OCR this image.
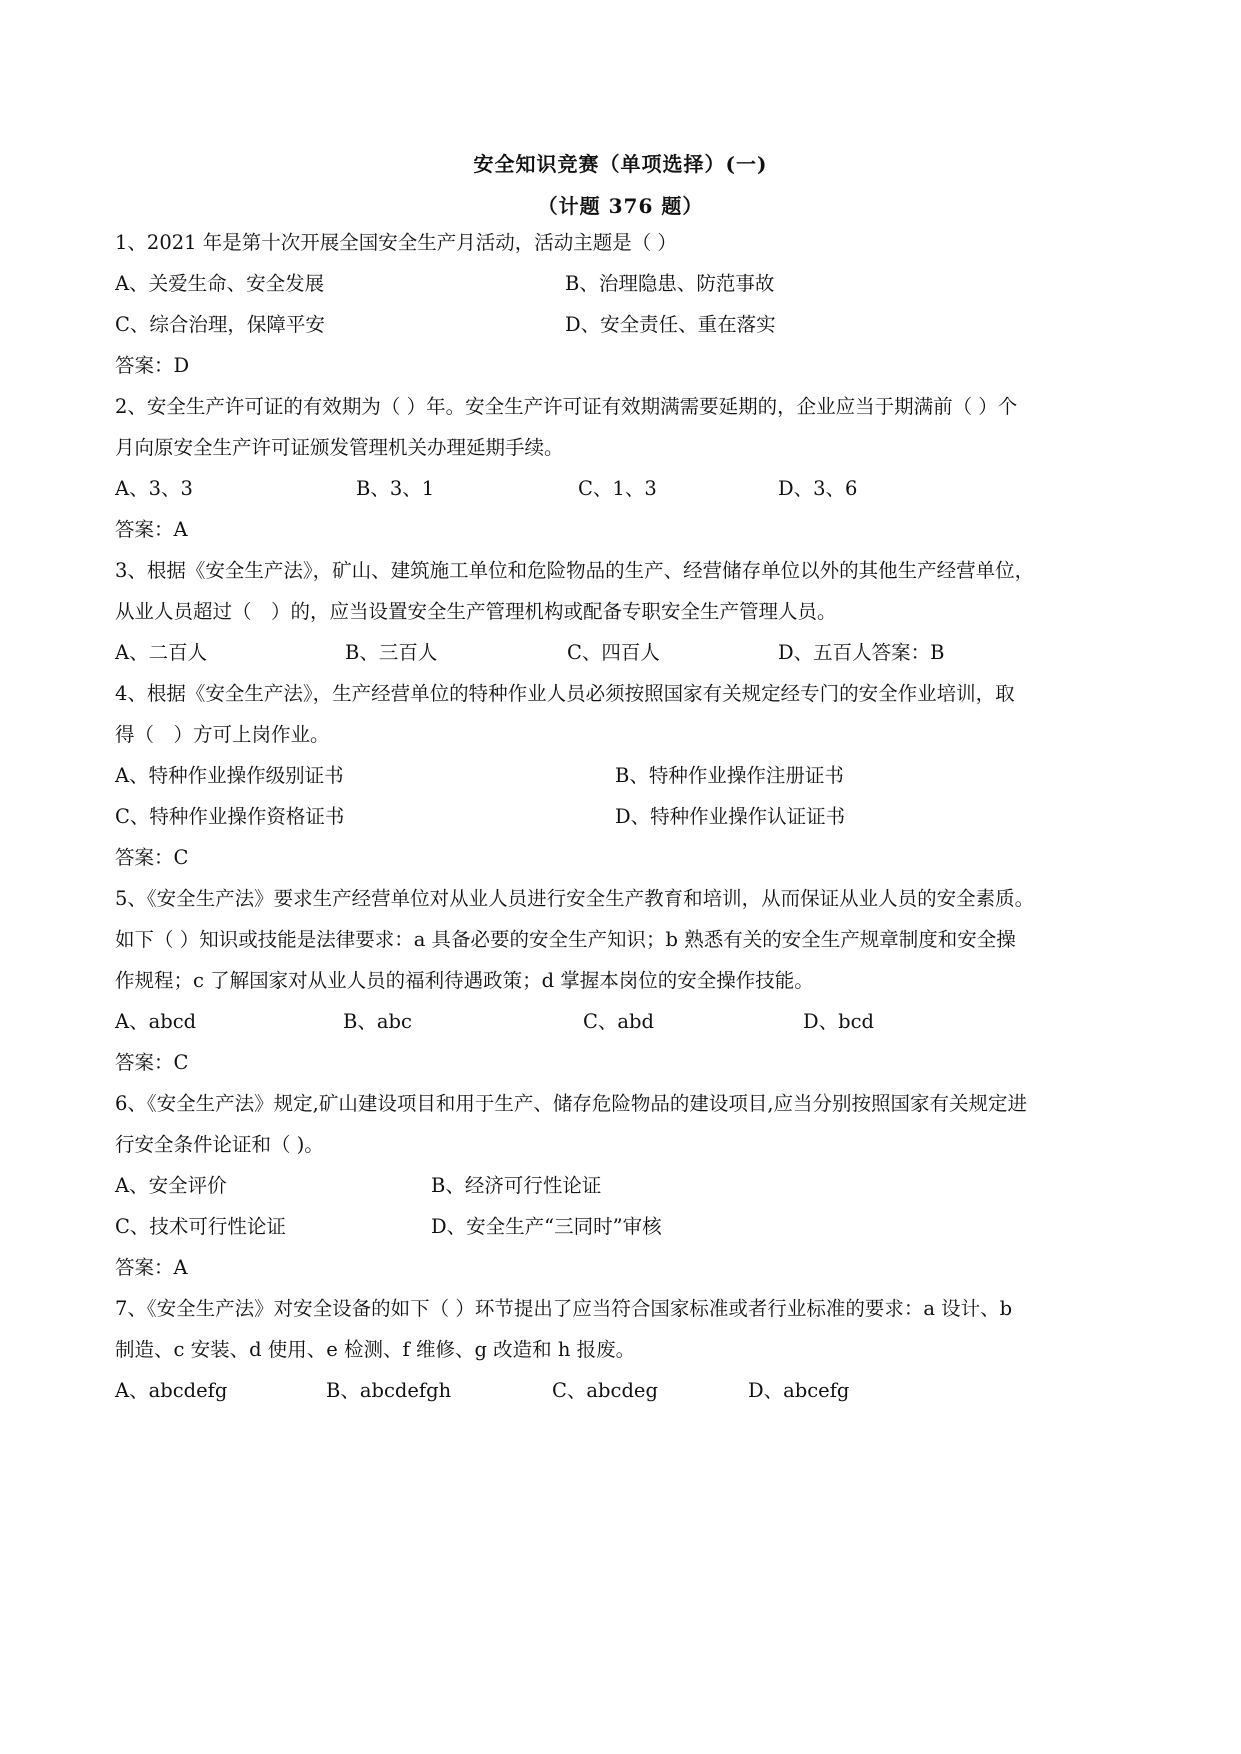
安全知识竞赛（单项选择）(一)
（计题 376 题）
1、2021 年是第十次开展全国安全生产月活动，活动主题是（ ）
A、关爱生命、安全发展	B、治理隐患、防范事故
C、综合治理，保障平安	D、安全责任、重在落实
答案：D
2、安全生产许可证的有效期为（ ）年。安全生产许可证有效期满需要延期的，企业应当于期满前（ ）个
月向原安全生产许可证颁发管理机关办理延期手续。
A、3、3	B、3、1	C、1、3	D、3、6
答案：A
3、根据《安全生产法》，矿山、建筑施工单位和危险物品的生产、经营储存单位以外的其他生产经营单位，
从业人员超过（　）的，应当设置安全生产管理机构或配备专职安全生产管理人员。
A、二百人	B、三百人	C、四百人	D、五百人答案：B
4、根据《安全生产法》，生产经营单位的特种作业人员必须按照国家有关规定经专门的安全作业培训，取
得（　）方可上岗作业。
A、特种作业操作级别证书	B、特种作业操作注册证书
C、特种作业操作资格证书	D、特种作业操作认证证书
答案：C
5、《安全生产法》要求生产经营单位对从业人员进行安全生产教育和培训，从而保证从业人员的安全素质。
如下（ ）知识或技能是法律要求：a 具备必要的安全生产知识；b 熟悉有关的安全生产规章制度和安全操
作规程；c 了解国家对从业人员的福利待遇政策；d 掌握本岗位的安全操作技能。
A、abcd	B、abc	C、abd	D、bcd
答案：C
6、《安全生产法》规定,矿山建设项目和用于生产、储存危险物品的建设项目,应当分别按照国家有关规定进
行安全条件论证和（ )。
A、安全评价	B、经济可行性论证
C、技术可行性论证	D、安全生产“三同时”审核
答案：A
7、《安全生产法》对安全设备的如下（ ）环节提出了应当符合国家标准或者行业标准的要求：a 设计、b
制造、c 安装、d 使用、e 检测、f 维修、g 改造和 h 报废。
A、abcdefg	B、abcdefgh	C、abcdeg	D、abcefg
